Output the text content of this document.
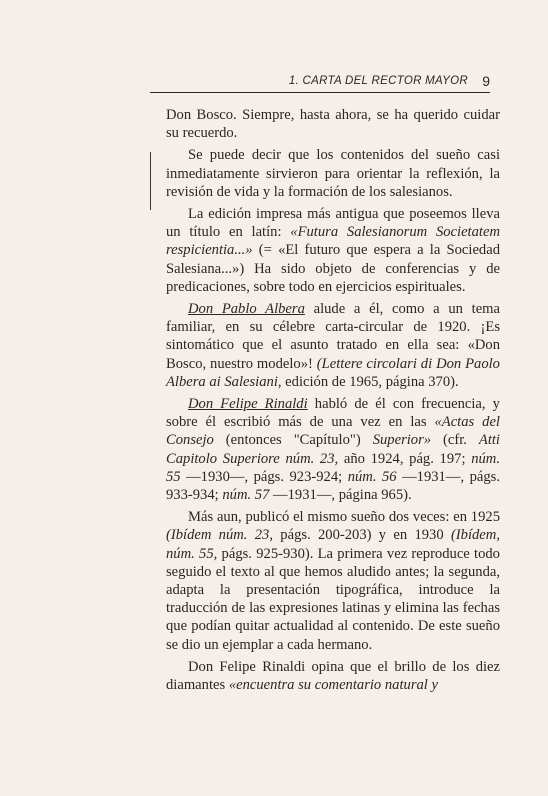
1. CARTA DEL RECTOR MAYOR 9

Don Bosco. Siempre, hasta ahora, se ha querido cuidar su recuerdo.

Se puede decir que los contenidos del sueño casi inmediatamente sirvieron para orientar la reflexión, la revisión de vida y la formación de los salesianos.

La edición impresa más antigua que poseemos lleva un título en latín: «Futura Salesianorum Societatem respicientia...» (= «El futuro que espera a la Sociedad Salesiana...») Ha sido objeto de conferencias y de predicaciones, sobre todo en ejercicios espirituales.

Don Pablo Albera alude a él, como a un tema familiar, en su célebre carta-circular de 1920. ¡Es sintomático que el asunto tratado en ella sea: «Don Bosco, nuestro modelo»! (Lettere circolari di Don Paolo Albera ai Salesiani, edición de 1965, página 370).

Don Felipe Rinaldi habló de él con frecuencia, y sobre él escribió más de una vez en las «Actas del Consejo (entonces "Capítulo") Superior» (cfr. Atti Capitolo Superiore núm. 23, año 1924, pág. 197; núm. 55 —1930—, págs. 923-924; núm. 56 —1931—, págs. 933-934; núm. 57 —1931—, página 965).

Más aun, publicó el mismo sueño dos veces: en 1925 (Ibídem núm. 23, págs. 200-203) y en 1930 (Ibídem, núm. 55, págs. 925-930). La primera vez reproduce todo seguido el texto al que hemos aludido antes; la segunda, adapta la presentación tipográfica, introduce la traducción de las expresiones latinas y elimina las fechas que podían quitar actualidad al contenido. De este sueño se dio un ejemplar a cada hermano.

Don Felipe Rinaldi opina que el brillo de los diez diamantes «encuentra su comentario natural y
